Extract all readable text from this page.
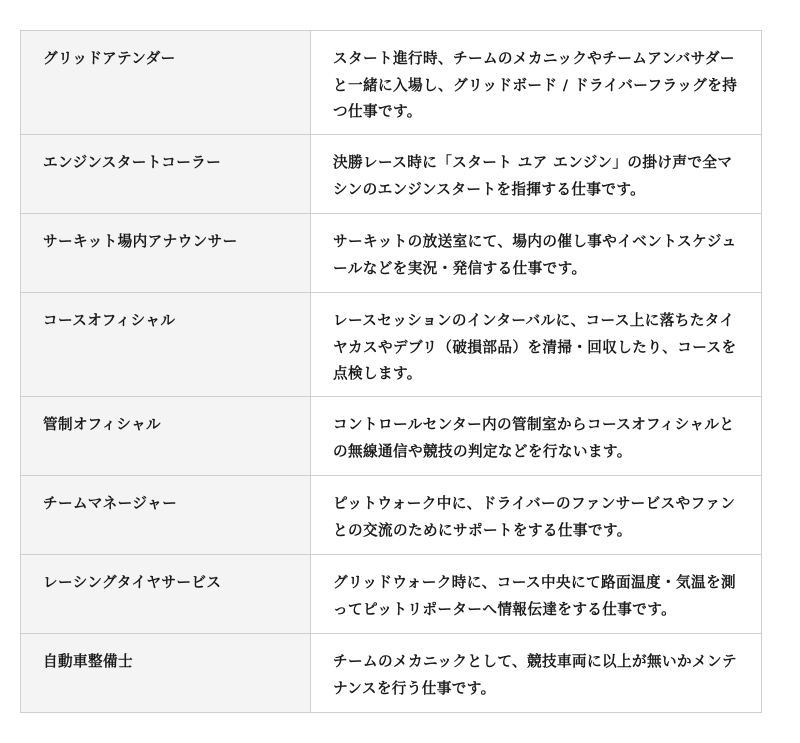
グリッドアテンダー	スタート進行時、チームのメカニックやチームアンバサダーと一緒に入場し、グリッドボード / ドライバーフラッグを持つ仕事です。
エンジンスタートコーラー	決勝レース時に「スタート ユア エンジン」の掛け声で全マシンのエンジンスタートを指揮する仕事です。
サーキット場内アナウンサー	サーキットの放送室にて、場内の催し事やイベントスケジュールなどを実況・発信する仕事です。
コースオフィシャル	レースセッションのインターバルに、コース上に落ちたタイヤカスやデブリ（破損部品）を清掃・回収したり、コースを点検します。
管制オフィシャル	コントロールセンター内の管制室からコースオフィシャルとの無線通信や競技の判定などを行ないます。
チームマネージャー	ピットウォーク中に、ドライバーのファンサービスやファンとの交流のためにサポートをする仕事です。
レーシングタイヤサービス	グリッドウォーク時に、コース中央にて路面温度・気温を測ってピットリポーターへ情報伝達をする仕事です。
自動車整備士	チームのメカニックとして、競技車両に以上が無いかメンテナンスを行う仕事です。
